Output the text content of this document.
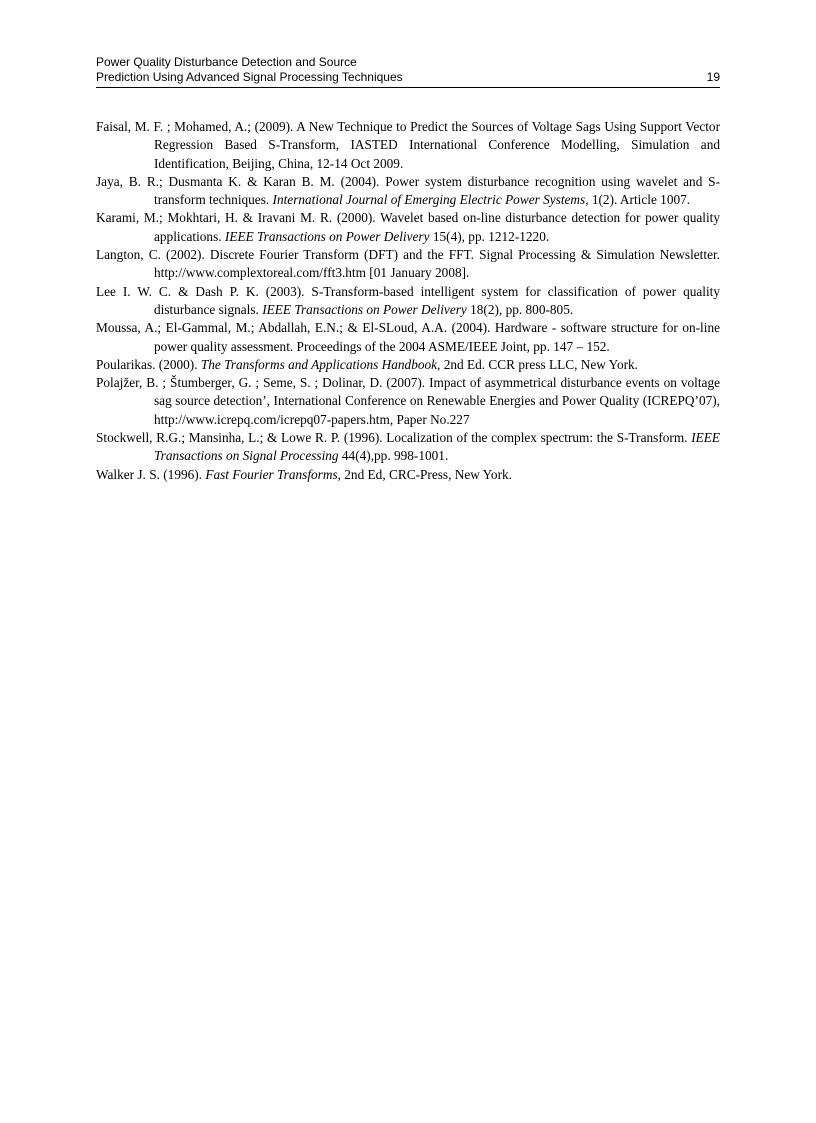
Power Quality Disturbance Detection and Source
Prediction Using Advanced Signal Processing Techniques	19

Faisal, M. F. ; Mohamed, A.; (2009). A New Technique to Predict the Sources of Voltage Sags Using Support Vector Regression Based S-Transform, IASTED International Conference Modelling, Simulation and Identification, Beijing, China, 12-14 Oct 2009.

Jaya, B. R.; Dusmanta K. & Karan B. M. (2004). Power system disturbance recognition using wavelet and S-transform techniques. International Journal of Emerging Electric Power Systems, 1(2). Article 1007.

Karami, M.; Mokhtari, H. & Iravani M. R. (2000). Wavelet based on-line disturbance detection for power quality applications. IEEE Transactions on Power Delivery 15(4), pp. 1212-1220.

Langton, C. (2002). Discrete Fourier Transform (DFT) and the FFT. Signal Processing & Simulation Newsletter. http://www.complextoreal.com/fft3.htm [01 January 2008].

Lee I. W. C. & Dash P. K. (2003). S-Transform-based intelligent system for classification of power quality disturbance signals. IEEE Transactions on Power Delivery 18(2), pp. 800-805.

Moussa, A.; El-Gammal, M.; Abdallah, E.N.; & El-SLoud, A.A. (2004). Hardware - software structure for on-line power quality assessment. Proceedings of the 2004 ASME/IEEE Joint, pp. 147 – 152.

Poularikas. (2000). The Transforms and Applications Handbook, 2nd Ed. CCR press LLC, New York.

Polajžer, B. ; Štumberger, G. ; Seme, S. ; Dolinar, D. (2007). Impact of asymmetrical disturbance events on voltage sag source detection’, International Conference on Renewable Energies and Power Quality (ICREPQ’07), http://www.icrepq.com/icrepq07-papers.htm, Paper No.227

Stockwell, R.G.; Mansinha, L.; & Lowe R. P. (1996). Localization of the complex spectrum: the S-Transform. IEEE Transactions on Signal Processing 44(4),pp. 998-1001.

Walker J. S. (1996). Fast Fourier Transforms, 2nd Ed, CRC-Press, New York.
